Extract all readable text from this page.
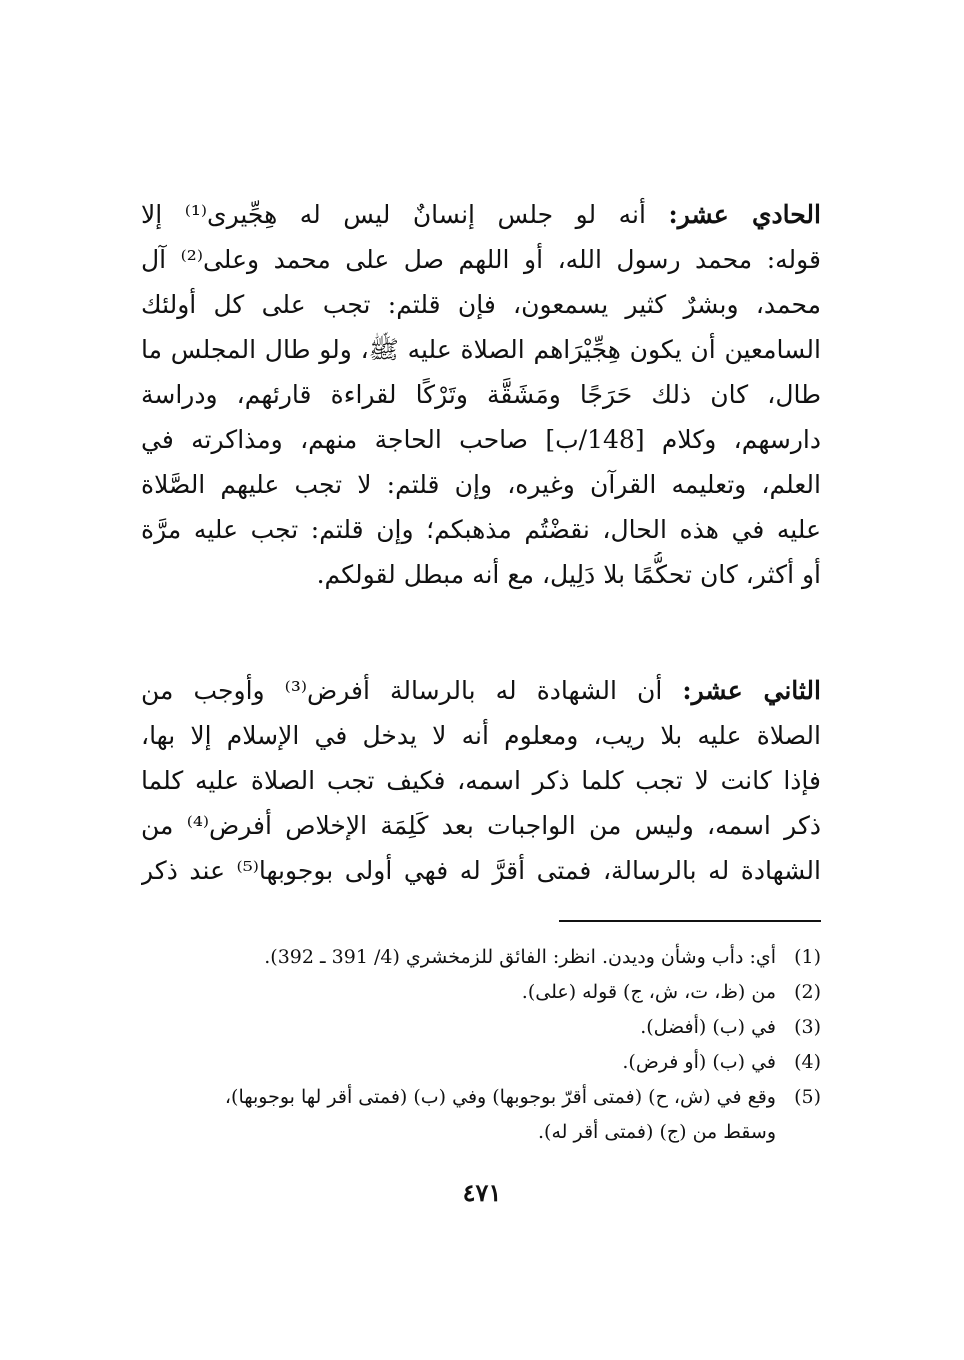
الحادي عشر: أنه لو جلس إنسانٌ ليس له هِجِّيرى⁽¹⁾ إلا
قوله: محمد رسول الله، أو اللهم صل على محمد وعلى⁽²⁾ آل
محمد، وبشرٌ كثير يسمعون، فإن قلتم: تجب على كل أولئك
السامعين أن يكون هِجِّيْرَاهم الصلاة عليه ﷺ، ولو طال المجلس ما
طال، كان ذلك حَرَجًا ومَشَقَّة وتَرْكًا لقراءة قارئهم، ودراسة
دارسهم، وكلام [148/ب] صاحب الحاجة منهم، ومذاكرته في
العلم، وتعليمه القرآن وغيره، وإن قلتم: لا تجب عليهم الصَّلاة
عليه في هذه الحال، نقضْتُم مذهبكم؛ وإن قلتم: تجب عليه مرَّة
أو أكثر، كان تحكُّمًا بلا دَلِيل، مع أنه مبطل لقولكم.
الثاني عشر: أن الشهادة له بالرسالة أفرض⁽³⁾ وأوجب من
الصلاة عليه بلا ريب، ومعلوم أنه لا يدخل في الإسلام إلا بها،
فإذا كانت لا تجب كلما ذكر اسمه، فكيف تجب الصلاة عليه كلما
ذكر اسمه، وليس من الواجبات بعد كَلِمَة الإخلاص أفرض⁽⁴⁾ من
الشهادة له بالرسالة، فمتى أقرَّ له فهي أولى بوجوبها⁽⁵⁾ عند ذكر
(1)
أي: دأب وشأن وديدن. انظر: الفائق للزمخشري (4/ 391 ـ 392).
(2)
من (ظ، ت، ش، ج) قوله (على).
(3)
في (ب) (أفضل).
(4)
في (ب) (أو فرض).
(5)
وقع في (ش، ح) (فمتى أقرّ بوجوبها) وفي (ب) (فمتى أقر لها بوجوبها)،
وسقط من (ج) (فمتى أقر له).
٤٧١
